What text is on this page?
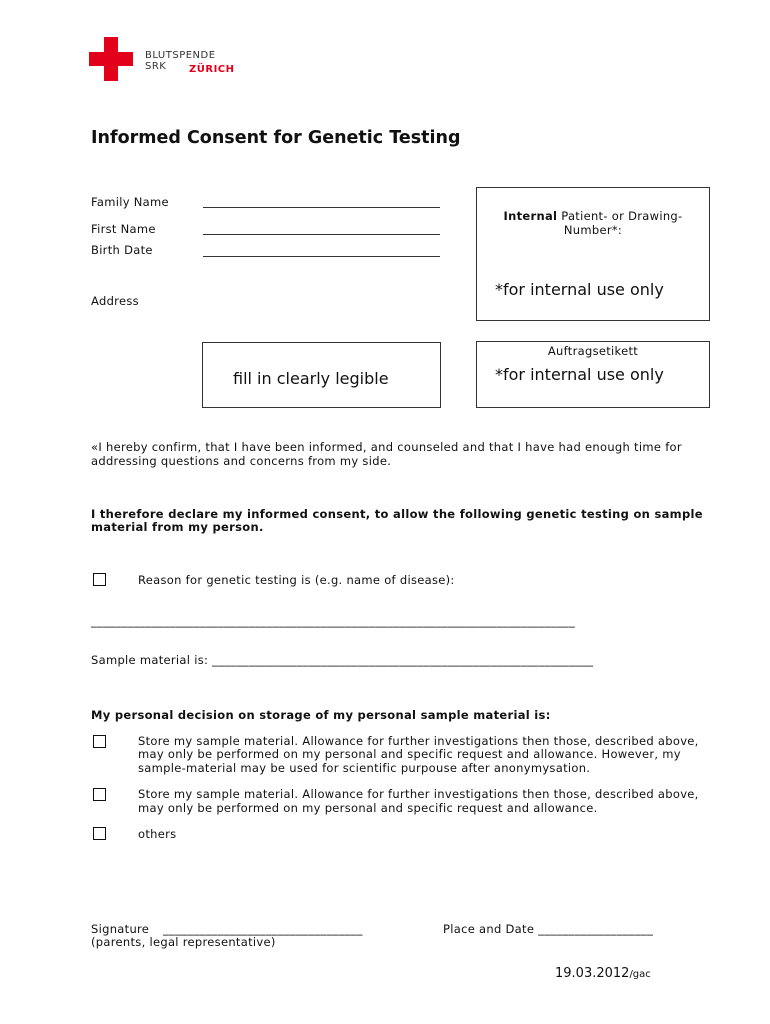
BLUTSPENDE SRK	ZÜRICH
Informed Consent for Genetic Testing
Family Name
First Name
Birth Date
Address
Internal Patient- or Drawing-
Number*:
*for internal use only
fill in clearly legible
Auftragsetikett
*for internal use only
«I hereby confirm, that I have been informed, and counseled and that I have had enough time for
addressing questions and concerns from my side.
I therefore declare my informed consent, to allow the following genetic testing on sample
material from my person.
Reason for genetic testing is (e.g. name of disease):
________________________________________________________________________________
Sample material is: _______________________________________________________________
My personal decision on storage of my personal sample material is:
Store my sample material. Allowance for further investigations then those, described above,
may only be performed on my personal and specific request and allowance. However, my
sample-material may be used for scientific purpouse after anonymysation.
Store my sample material. Allowance for further investigations then those, described above,
may only be performed on my personal and specific request and allowance.
others
Signature _________________________________
(parents, legal representative)
Place and Date ___________________
19.03.2012/gac
